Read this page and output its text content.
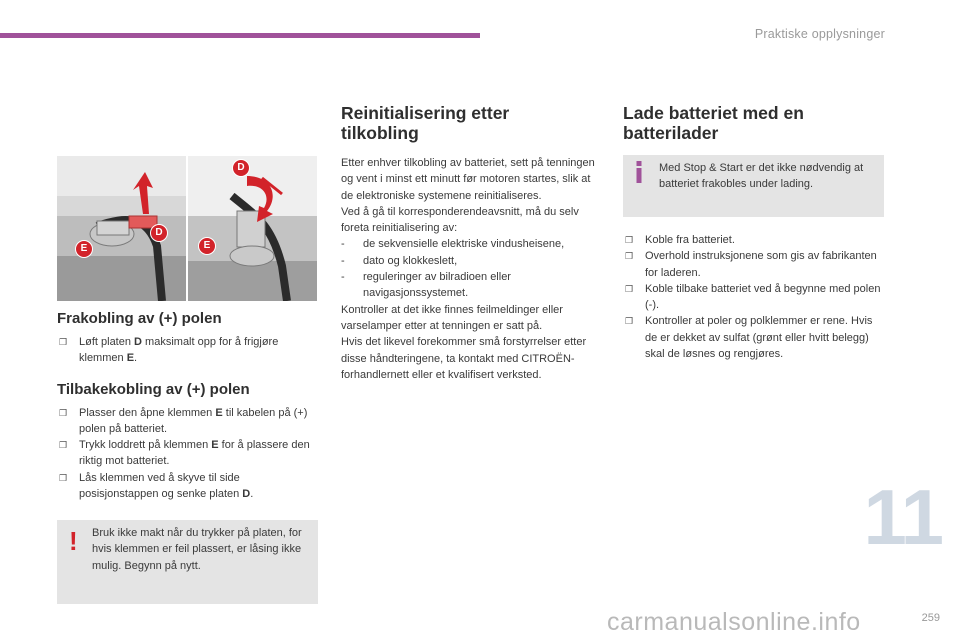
Praktiske opplysninger
D
E
D
E
Frakobling av (+) polen
❒ Løft platen D maksimalt opp for å frigjøre klemmen E.
Tilbakekobling av (+) polen
❒ Plasser den åpne klemmen E til kabelen på (+) polen på batteriet.
❒ Trykk loddrett på klemmen E for å plassere den riktig mot batteriet.
❒ Lås klemmen ved å skyve til side posisjonstappen og senke platen D.
! Bruk ikke makt når du trykker på platen, for hvis klemmen er feil plassert, er låsing ikke mulig. Begynn på nytt.
Reinitialisering etter
tilkobling
Etter enhver tilkobling av batteriet, sett på tenningen og vent i minst ett minutt før motoren startes, slik at de elektroniske systemene reinitialiseres.
Ved å gå til korresponderendeavsnitt, må du selv foreta reinitialisering av:
- de sekvensielle elektriske vindusheisene,
- dato og klokkeslett,
- reguleringer av bilradioen eller navigasjonssystemet.
Kontroller at det ikke finnes feilmeldinger eller varselamper etter at tenningen er satt på.
Hvis det likevel forekommer små forstyrrelser etter disse håndteringene, ta kontakt med CITROËN-forhandlernett eller et kvalifisert verksted.
Lade batteriet med en
batterilader
Med Stop & Start er det ikke nødvendig at batteriet frakobles under lading.
❒ Koble fra batteriet.
❒ Overhold instruksjonene som gis av fabrikanten for laderen.
❒ Koble tilbake batteriet ved å begynne med polen (-).
❒ Kontroller at poler og polklemmer er rene. Hvis de er dekket av sulfat (grønt eller hvitt belegg) skal de løsnes og rengjøres.
11
259
carmanualsonline.info
